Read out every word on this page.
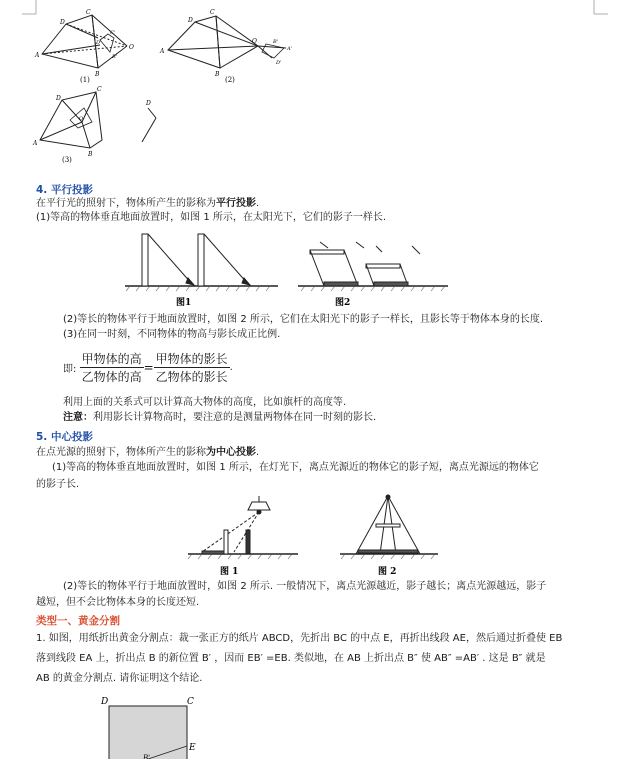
C
D
A
B
O
C'
D'
B'
(1)
C
D
A
B
O
A'
B'
D'
(2)
D
C
A
B
O
D
(3)
4. 平行投影
在平行光的照射下，物体所产生的影称为平行投影.
(1)等高的物体垂直地面放置时，如图 1 所示，在太阳光下，它们的影子一样长.
图1	图2
(2)等长的物体平行于地面放置时，如图 2 所示，它们在太阳光下的影子一样长，且影长等于物体本身的长度.
(3)在同一时刻，不同物体的物高与影长成正比例.
即: $\frac{\text{甲物体的高}}{\text{乙物体的高}} = \frac{\text{甲物体的影长}}{\text{乙物体的影长}}$ .
利用上面的关系式可以计算高大物体的高度，比如旗杆的高度等.
注意：利用影长计算物高时，要注意的是测量两物体在同一时刻的影长.
5. 中心投影
在点光源的照射下，物体所产生的影称为中心投影.
(1)等高的物体垂直地面放置时，如图 1 所示，在灯光下，离点光源近的物体它的影子短，离点光源远的物体它
的影子长.
图 1	图 2
(2)等长的物体平行于地面放置时，如图 2 所示. 一般情况下，离点光源越近，影子越长；离点光源越远，影子
越短，但不会比物体本身的长度还短.
类型一、黄金分割
1. 如图，用纸折出黄金分割点：裁一张正方的纸片 ABCD，先折出 BC 的中点 E，再折出线段 AE，然后通过折叠使 EB
落到线段 EA 上，折出点 B 的新位置 B′ ，因而 EB′ =EB. 类似地，在 AB 上折出点 B″ 使 AB″ =AB′ . 这是 B″ 就是
AB 的黄金分割点. 请你证明这个结论.
D	C
E
B'
